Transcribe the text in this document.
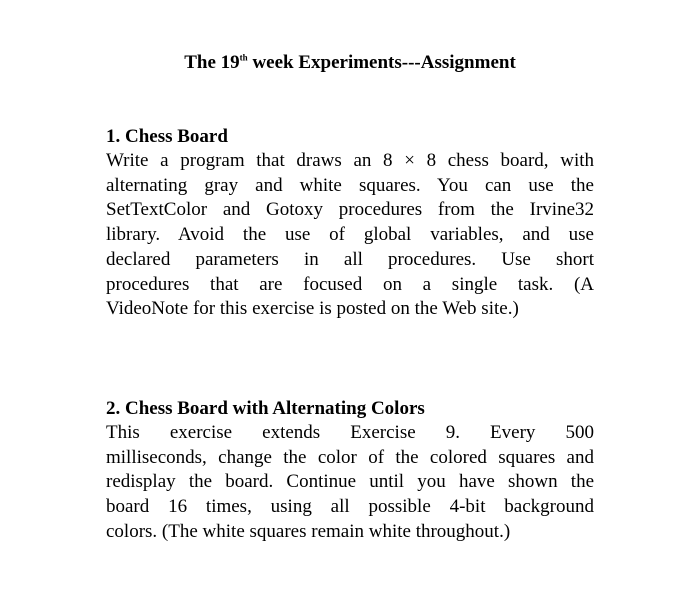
The 19th week Experiments---Assignment
1. Chess Board
Write a program that draws an 8 × 8 chess board, with
alternating gray and white squares. You can use the
SetTextColor and Gotoxy procedures from the Irvine32
library. Avoid the use of global variables, and use
declared parameters in all procedures. Use short
procedures that are focused on a single task. (A
VideoNote for this exercise is posted on the Web site.)
2. Chess Board with Alternating Colors
This exercise extends Exercise 9. Every 500
milliseconds, change the color of the colored squares and
redisplay the board. Continue until you have shown the
board 16 times, using all possible 4-bit background
colors. (The white squares remain white throughout.)
